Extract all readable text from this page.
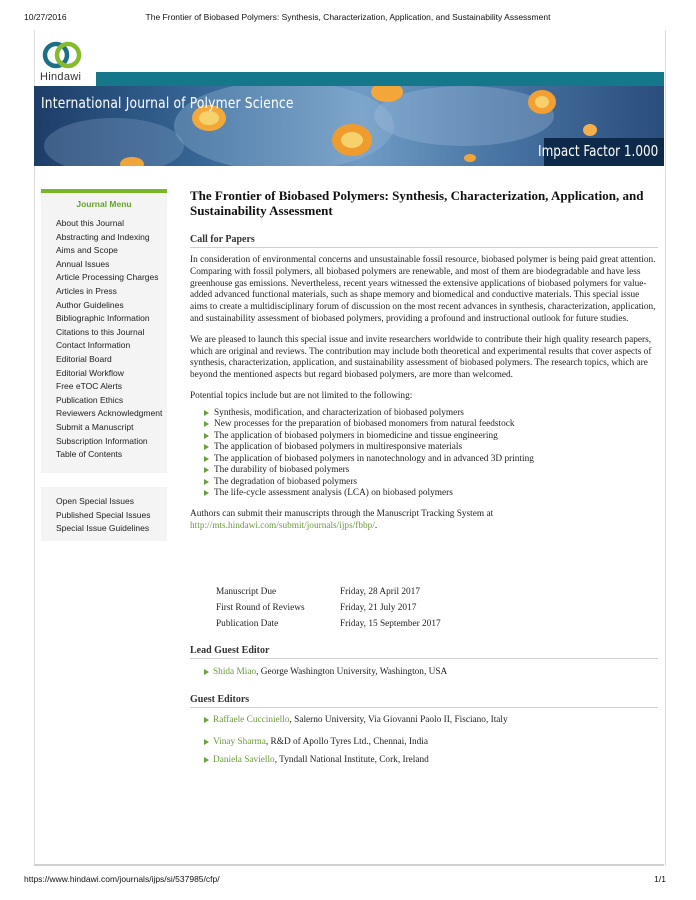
10/27/2016	The Frontier of Biobased Polymers: Synthesis, Characterization, Application, and Sustainability Assessment
Hindawi
International Journal of Polymer Science
Impact Factor 1.000
Journal Menu
About this Journal
Abstracting and Indexing
Aims and Scope
Annual Issues
Article Processing Charges
Articles in Press
Author Guidelines
Bibliographic Information
Citations to this Journal
Contact Information
Editorial Board
Editorial Workflow
Free eTOC Alerts
Publication Ethics
Reviewers Acknowledgment
Submit a Manuscript
Subscription Information
Table of Contents
Open Special Issues
Published Special Issues
Special Issue Guidelines
The Frontier of Biobased Polymers: Synthesis, Characterization, Application, and Sustainability Assessment
Call for Papers

In consideration of environmental concerns and unsustainable fossil resource, biobased polymer is being paid great attention. Comparing with fossil polymers, all biobased polymers are renewable, and most of them are biodegradable and have less greenhouse gas emissions. Nevertheless, recent years witnessed the extensive applications of biobased polymers for value-added advanced functional materials, such as shape memory and biomedical and conductive materials. This special issue aims to create a multidisciplinary forum of discussion on the most recent advances in synthesis, characterization, application, and sustainability assessment of biobased polymers, providing a profound and instructional outlook for future studies.

We are pleased to launch this special issue and invite researchers worldwide to contribute their high quality research papers, which are original and reviews. The contribution may include both theoretical and experimental results that cover aspects of synthesis, characterization, application, and sustainability assessment of biobased polymers. The research topics, which are beyond the mentioned aspects but regard biobased polymers, are more than welcomed.

Potential topics include but are not limited to the following:

Synthesis, modification, and characterization of biobased polymers
New processes for the preparation of biobased monomers from natural feedstock
The application of biobased polymers in biomedicine and tissue engineering
The application of biobased polymers in multiresponsive materials
The application of biobased polymers in nanotechnology and in advanced 3D printing
The durability of biobased polymers
The degradation of biobased polymers
The life-cycle assessment analysis (LCA) on biobased polymers

Authors can submit their manuscripts through the Manuscript Tracking System at
http://mts.hindawi.com/submit/journals/ijps/fbbp/.

Manuscript Due	Friday, 28 April 2017
First Round of Reviews	Friday, 21 July 2017
Publication Date	Friday, 15 September 2017
Lead Guest Editor
Shida Miao, George Washington University, Washington, USA
Guest Editors
Raffaele Cucciniello, Salerno University, Via Giovanni Paolo II, Fisciano, Italy
Vinay Sharma, R&D of Apollo Tyres Ltd., Chennai, India
Daniela Saviello, Tyndall National Institute, Cork, Ireland
https://www.hindawi.com/journals/ijps/si/537985/cfp/	1/1
